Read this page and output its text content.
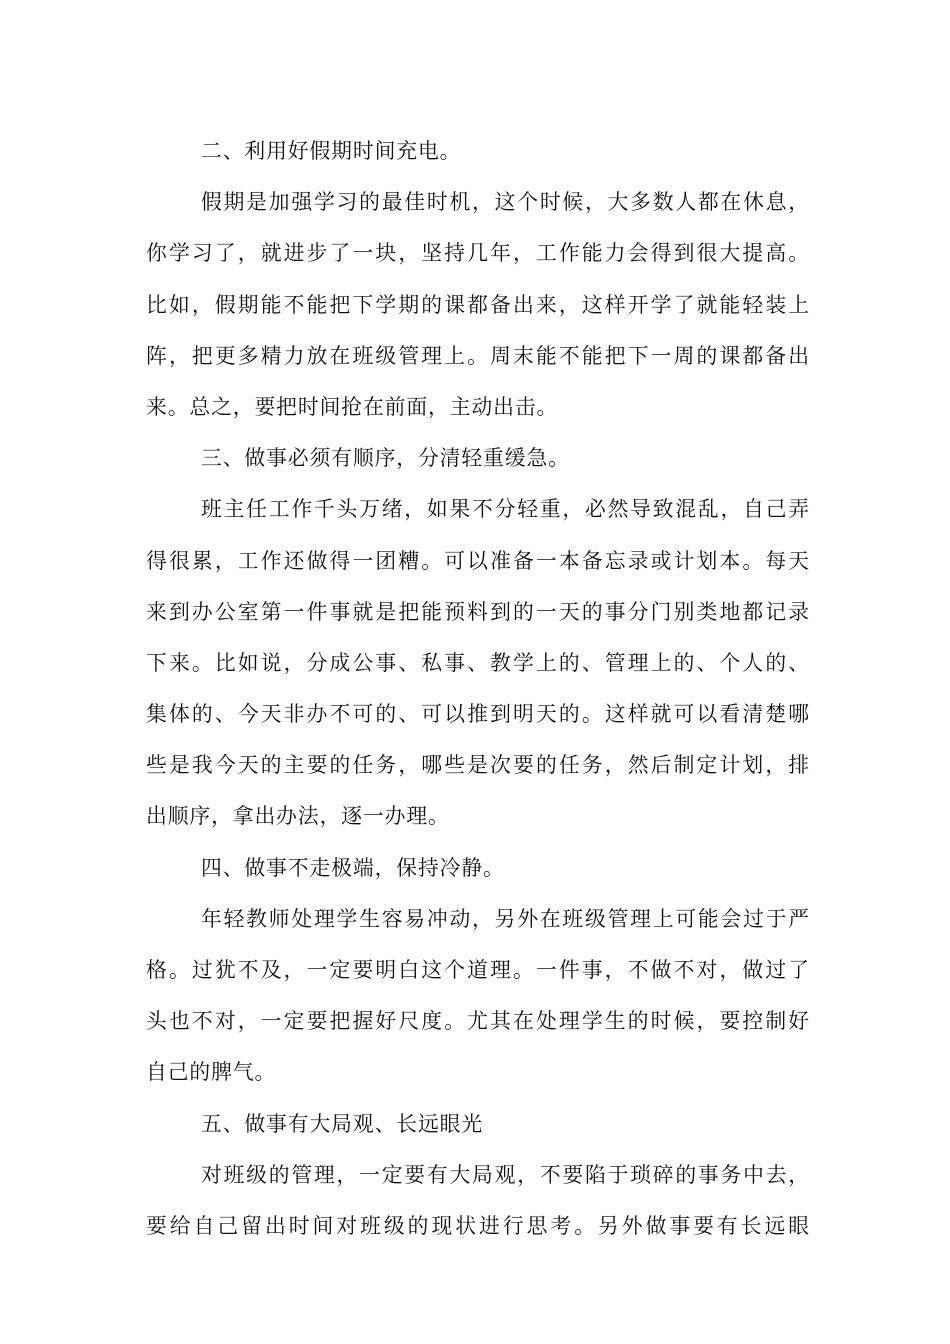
二、利用好假期时间充电。
假期是加强学习的最佳时机，这个时候，大多数人都在休息，
你学习了，就进步了一块，坚持几年，工作能力会得到很大提高。
比如，假期能不能把下学期的课都备出来，这样开学了就能轻装上
阵，把更多精力放在班级管理上。周末能不能把下一周的课都备出
来。总之，要把时间抢在前面，主动出击。
三、做事必须有顺序，分清轻重缓急。
班主任工作千头万绪，如果不分轻重，必然导致混乱，自己弄
得很累，工作还做得一团糟。可以准备一本备忘录或计划本。每天
来到办公室第一件事就是把能预料到的一天的事分门别类地都记录
下来。比如说，分成公事、私事、教学上的、管理上的、个人的、
集体的、今天非办不可的、可以推到明天的。这样就可以看清楚哪
些是我今天的主要的任务，哪些是次要的任务，然后制定计划，排
出顺序，拿出办法，逐一办理。
四、做事不走极端，保持冷静。
年轻教师处理学生容易冲动，另外在班级管理上可能会过于严
格。过犹不及，一定要明白这个道理。一件事，不做不对，做过了
头也不对，一定要把握好尺度。尤其在处理学生的时候，要控制好
自己的脾气。
五、做事有大局观、长远眼光
对班级的管理，一定要有大局观，不要陷于琐碎的事务中去，
要给自己留出时间对班级的现状进行思考。另外做事要有长远眼
